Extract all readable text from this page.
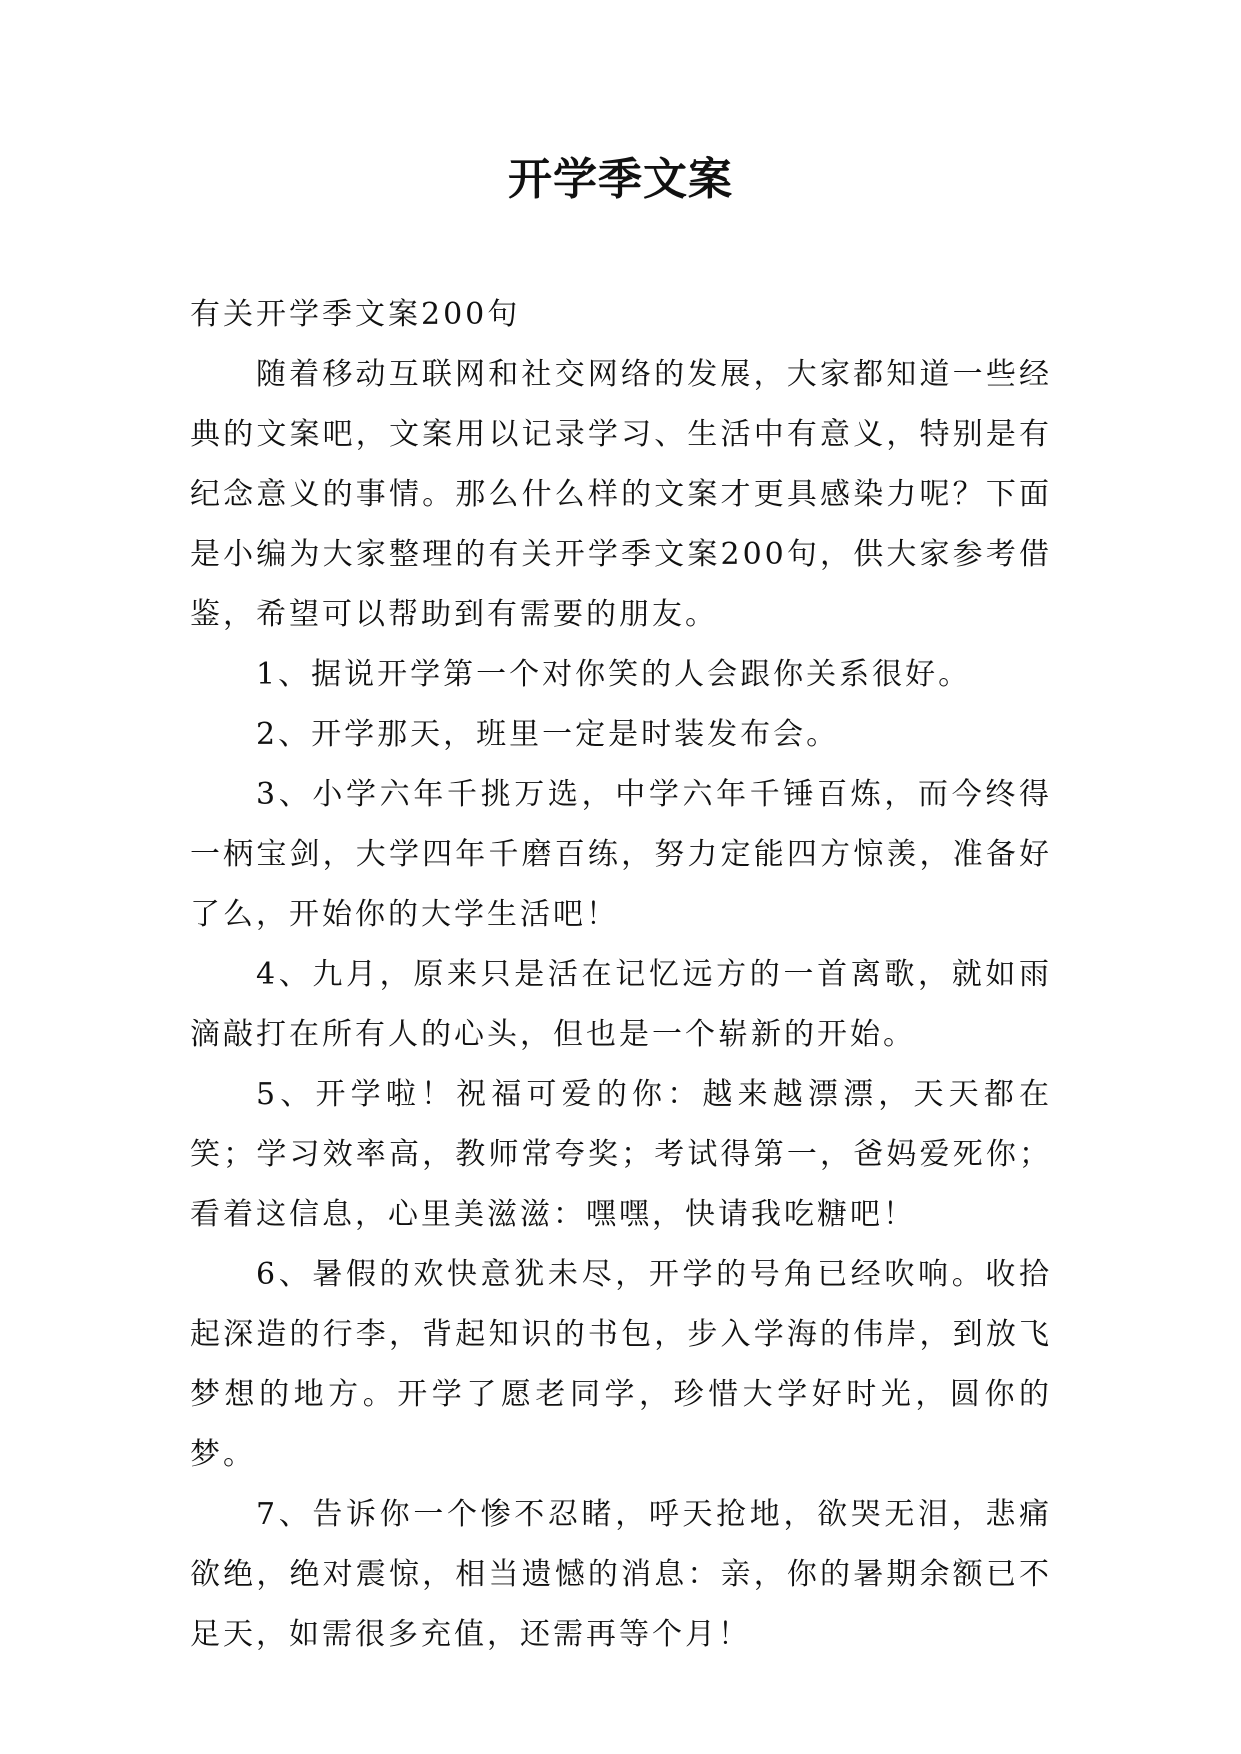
开学季文案

有关开学季文案200句

随着移动互联网和社交网络的发展，大家都知道一些经典的文案吧，文案用以记录学习、生活中有意义，特别是有纪念意义的事情。那么什么样的文案才更具感染力呢？下面是小编为大家整理的有关开学季文案200句，供大家参考借鉴，希望可以帮助到有需要的朋友。

1、据说开学第一个对你笑的人会跟你关系很好。

2、开学那天，班里一定是时装发布会。

3、小学六年千挑万选，中学六年千锤百炼，而今终得一柄宝剑，大学四年千磨百练，努力定能四方惊羡，准备好了么，开始你的大学生活吧！

4、九月，原来只是活在记忆远方的一首离歌，就如雨滴敲打在所有人的心头，但也是一个崭新的开始。

5、开学啦！祝福可爱的你：越来越漂漂，天天都在笑；学习效率高，教师常夸奖；考试得第一，爸妈爱死你；看着这信息，心里美滋滋：嘿嘿，快请我吃糖吧！

6、暑假的欢快意犹未尽，开学的号角已经吹响。收拾起深造的行李，背起知识的书包，步入学海的伟岸，到放飞梦想的地方。开学了愿老同学，珍惜大学好时光，圆你的梦。

7、告诉你一个惨不忍睹，呼天抢地，欲哭无泪，悲痛欲绝，绝对震惊，相当遗憾的消息：亲，你的暑期余额已不足天，如需很多充值，还需再等个月！
